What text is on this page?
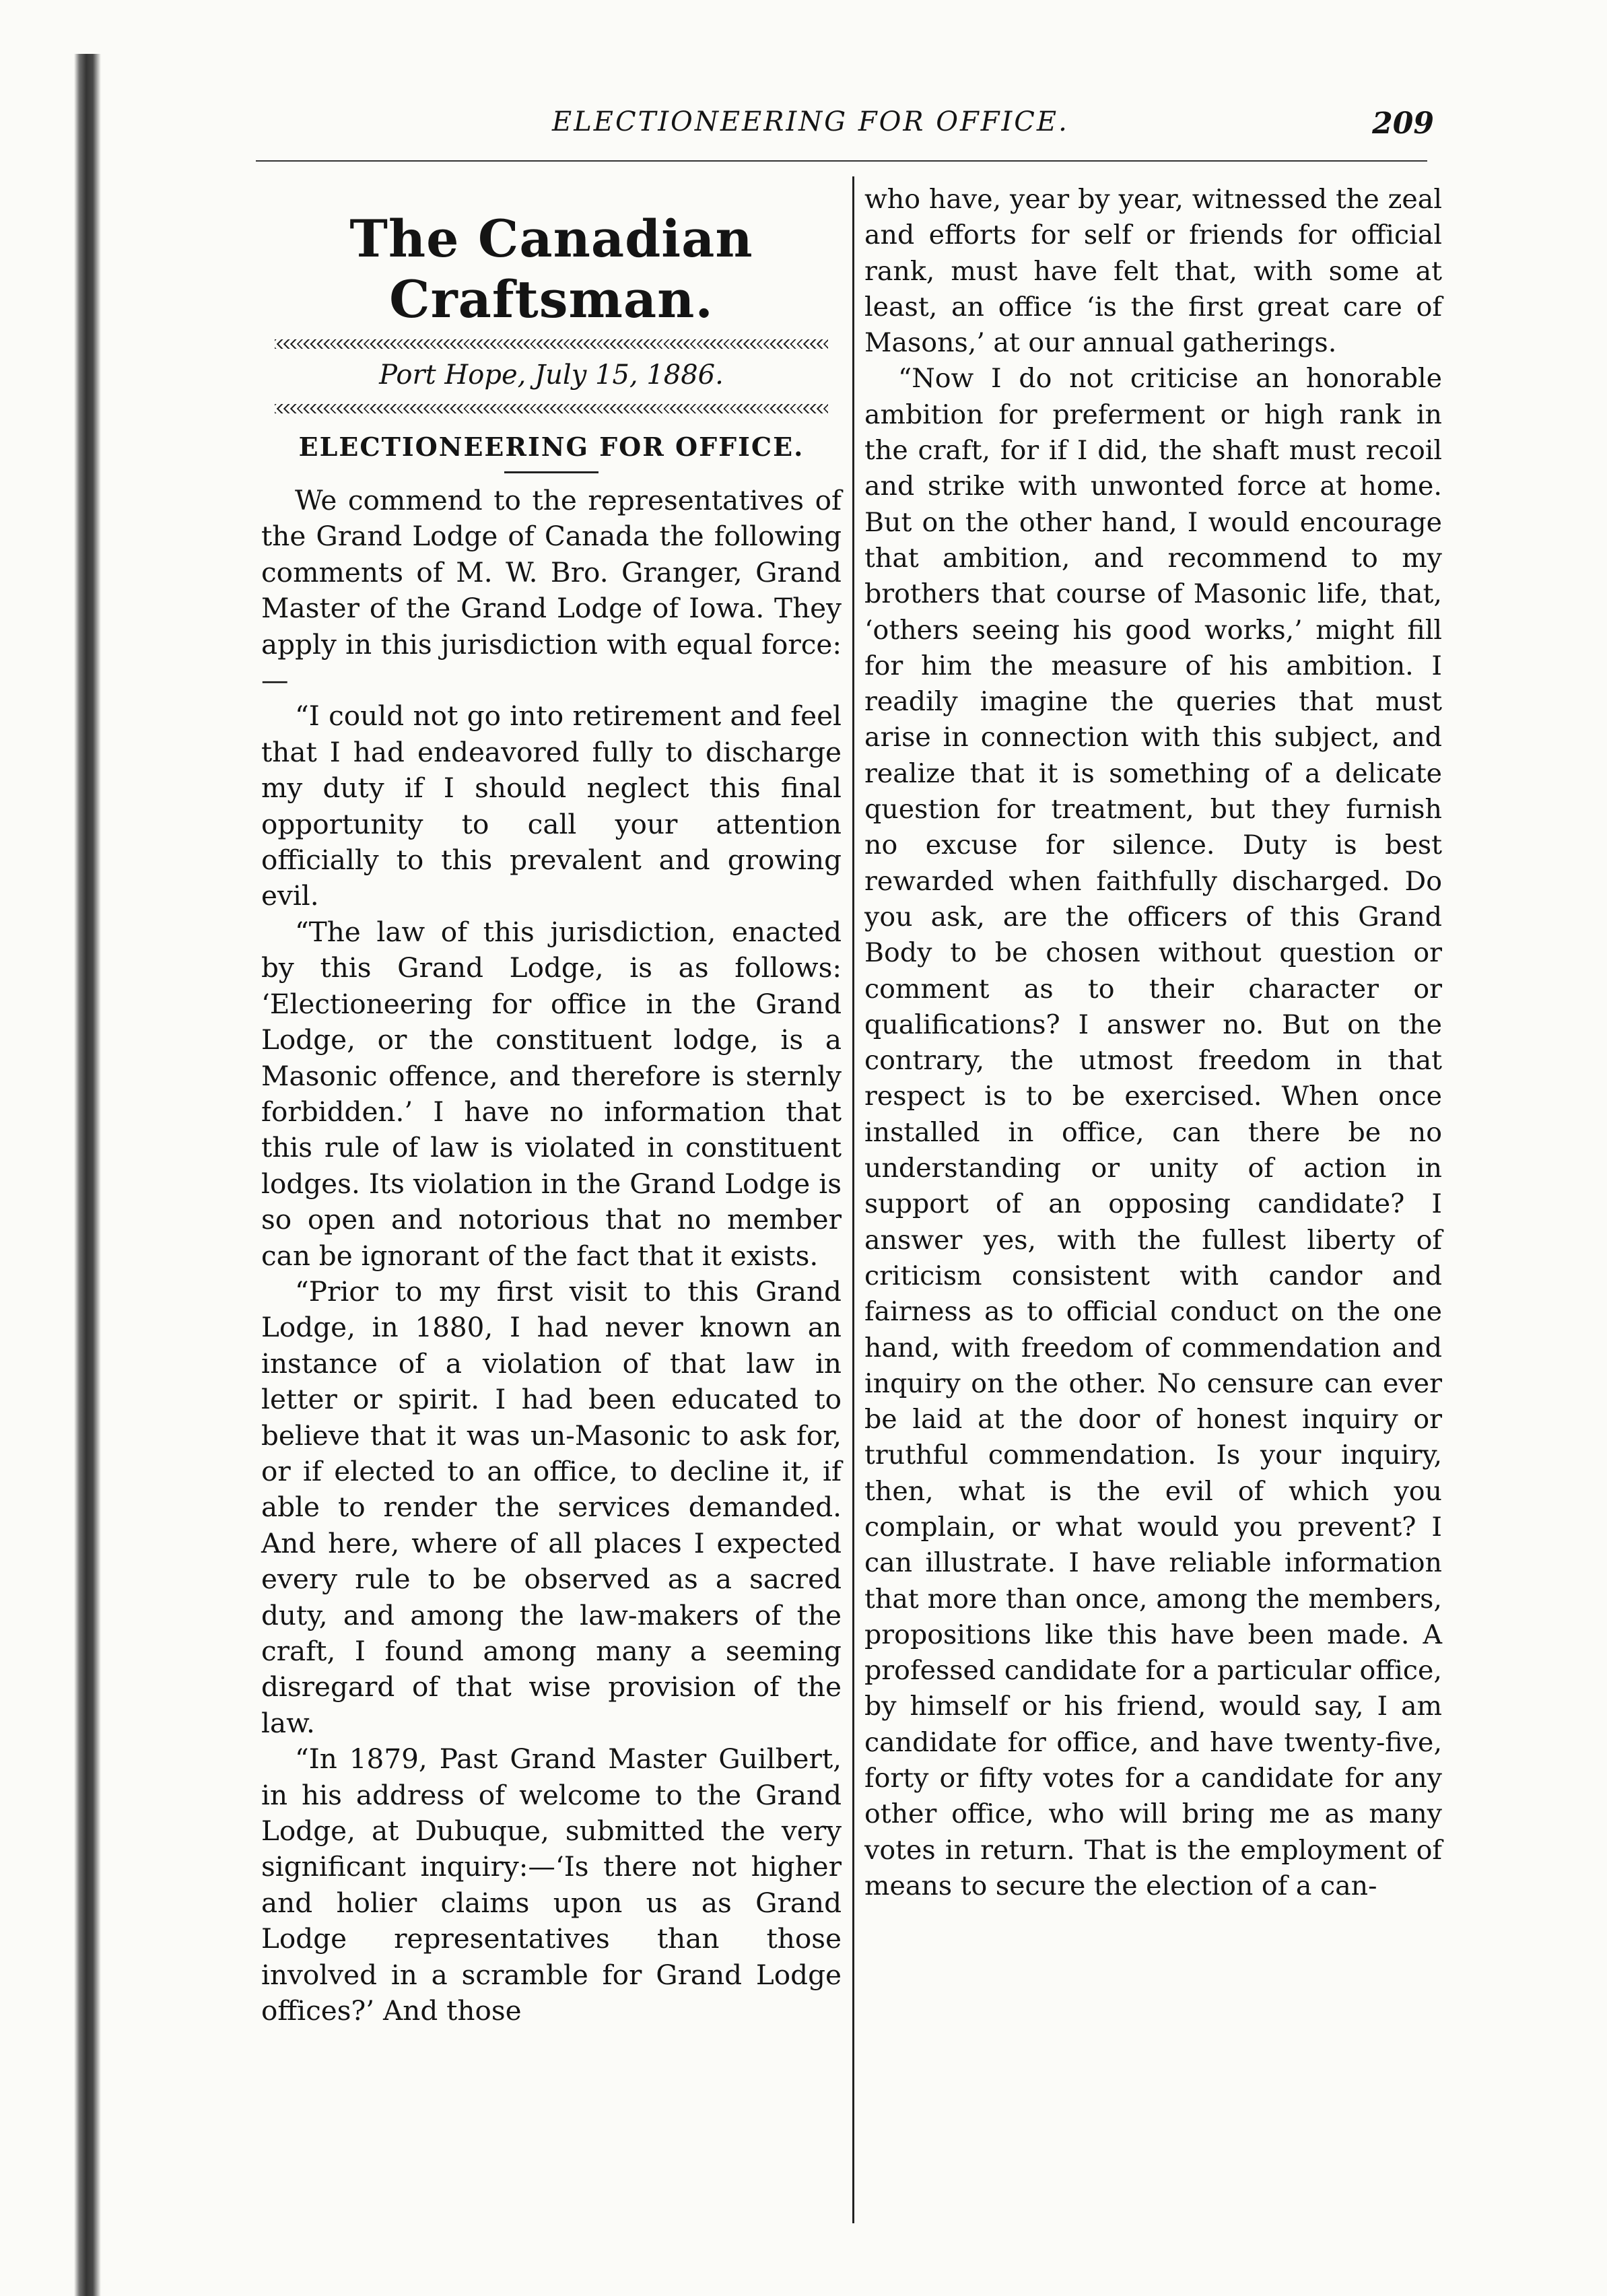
ELECTIONEERING FOR OFFICE.	209
The Canadian Craftsman.
Port Hope, July 15, 1886.
ELECTIONEERING FOR OFFICE.

We commend to the representatives of the Grand Lodge of Canada the following comments of M. W. Bro. Granger, Grand Master of the Grand Lodge of Iowa. They apply in this jurisdiction with equal force:—

“I could not go into retirement and feel that I had endeavored fully to discharge my duty if I should neglect this final opportunity to call your attention officially to this prevalent and growing evil.

“The law of this jurisdiction, enacted by this Grand Lodge, is as follows: ‘Electioneering for office in the Grand Lodge, or the constituent lodge, is a Masonic offence, and therefore is sternly forbidden.’ I have no information that this rule of law is violated in constituent lodges. Its violation in the Grand Lodge is so open and notorious that no member can be ignorant of the fact that it exists.

“Prior to my first visit to this Grand Lodge, in 1880, I had never known an instance of a violation of that law in letter or spirit. I had been educated to believe that it was un-Masonic to ask for, or if elected to an office, to decline it, if able to render the services demanded. And here, where of all places I expected every rule to be observed as a sacred duty, and among the law-makers of the craft, I found among many a seeming disregard of that wise provision of the law.

“In 1879, Past Grand Master Guilbert, in his address of welcome to the Grand Lodge, at Dubuque, submitted the very significant inquiry:—‘Is there not higher and holier claims upon us as Grand Lodge representatives than those involved in a scramble for Grand Lodge offices?’ And those

who have, year by year, witnessed the zeal and efforts for self or friends for official rank, must have felt that, with some at least, an office ‘is the first great care of Masons,’ at our annual gatherings.

“Now I do not criticise an honorable ambition for preferment or high rank in the craft, for if I did, the shaft must recoil and strike with unwonted force at home. But on the other hand, I would encourage that ambition, and recommend to my brothers that course of Masonic life, that, ‘others seeing his good works,’ might fill for him the measure of his ambition. I readily imagine the queries that must arise in connection with this subject, and realize that it is something of a delicate question for treatment, but they furnish no excuse for silence. Duty is best rewarded when faithfully discharged. Do you ask, are the officers of this Grand Body to be chosen without question or comment as to their character or qualifications? I answer no. But on the contrary, the utmost freedom in that respect is to be exercised. When once installed in office, can there be no understanding or unity of action in support of an opposing candidate? I answer yes, with the fullest liberty of criticism consistent with candor and fairness as to official conduct on the one hand, with freedom of commendation and inquiry on the other. No censure can ever be laid at the door of honest inquiry or truthful commendation. Is your inquiry, then, what is the evil of which you complain, or what would you prevent? I can illustrate. I have reliable information that more than once, among the members, propositions like this have been made. A professed candidate for a particular office, by himself or his friend, would say, I am candidate for office, and have twenty-five, forty or fifty votes for a candidate for any other office, who will bring me as many votes in return. That is the employment of means to secure the election of a can-
